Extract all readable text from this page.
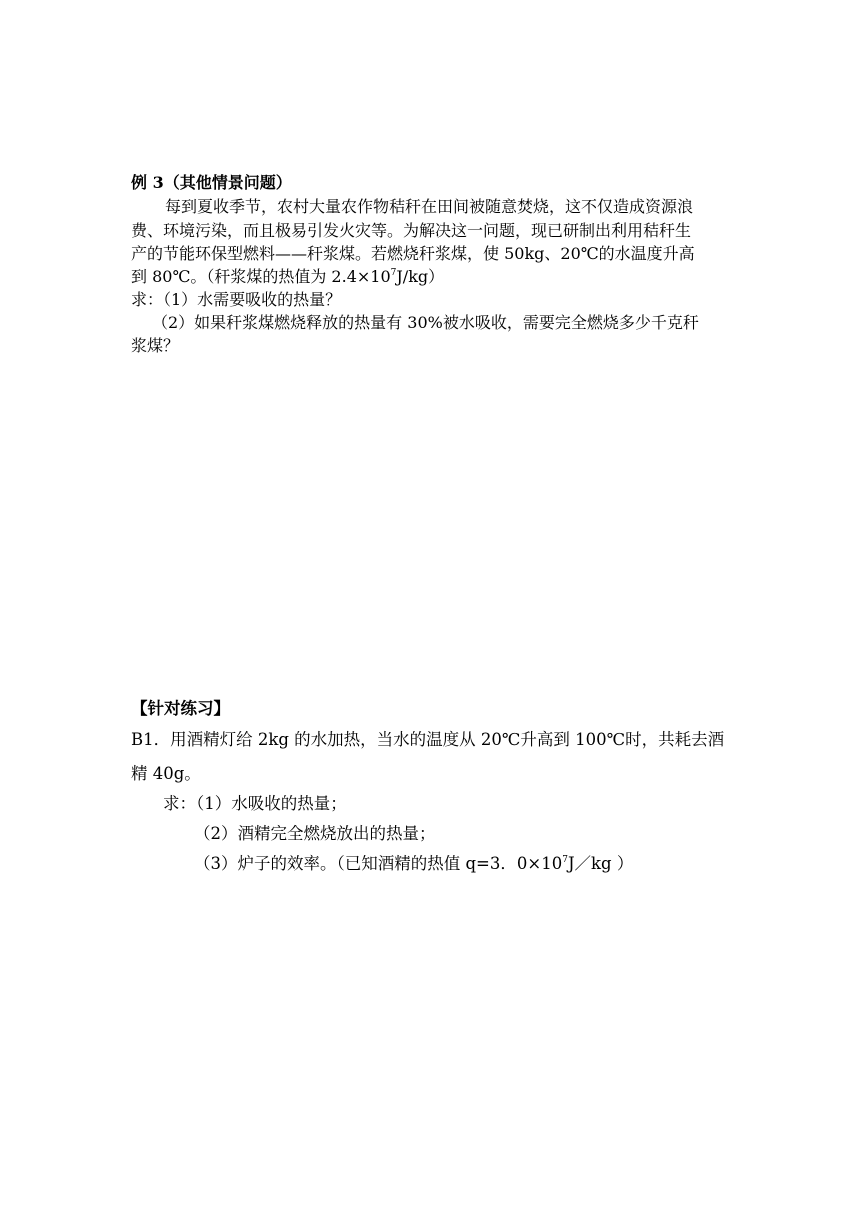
例 3（其他情景问题）
每到夏收季节，农村大量农作物秸秆在田间被随意焚烧，这不仅造成资源浪
费、环境污染，而且极易引发火灾等。为解决这一问题，现已研制出利用秸秆生
产的节能环保型燃料——秆浆煤。若燃烧秆浆煤，使 50kg、20℃的水温度升高
到 80℃。（秆浆煤的热值为 $2.4\times 10^7J/kg$）
求：（1）水需要吸收的热量？
（2）如果秆浆煤燃烧释放的热量有 30%被水吸收，需要完全燃烧多少千克秆
浆煤？
【针对练习】
B1．用酒精灯给 2kg 的水加热，当水的温度从 20℃升高到 100℃时，共耗去酒
精 40g。
求：（1）水吸收的热量；
（2）酒精完全燃烧放出的热量；
（3）炉子的效率。（已知酒精的热值 q=3．$0\times 10^7J/kg$ ）
